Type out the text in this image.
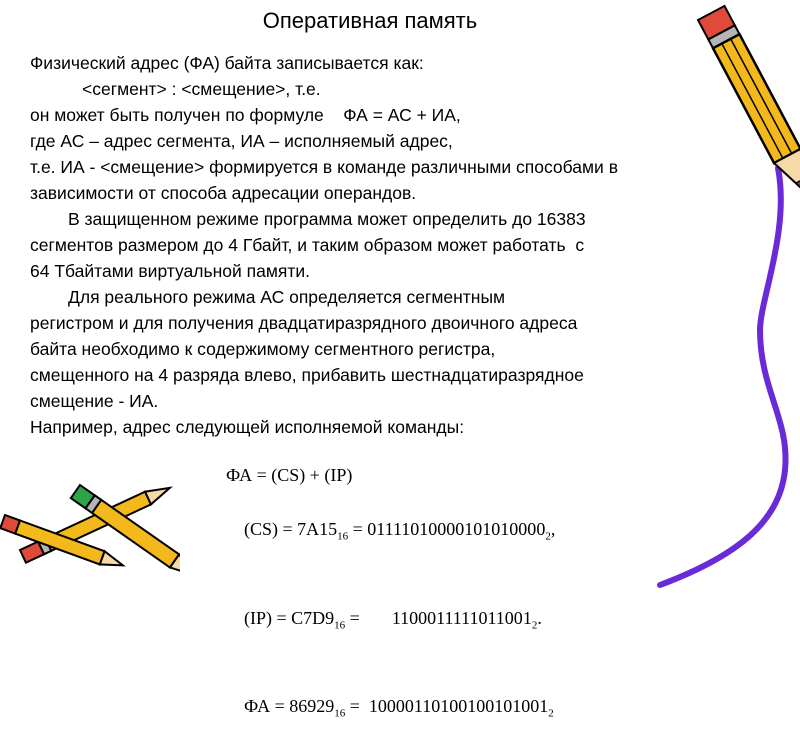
Оперативная память

Физический адрес (ФА) байта записывается как:

<сегмент> : <смещение>, т.е.

он может быть получен по формуле    ФА = АС + ИА,

где АС – адрес сегмента, ИА – исполняемый адрес,

т.е. ИА - <смещение> формируется в команде различными способами в

зависимости от способа адресации операндов.

В защищенном режиме программа может определить до 16383

сегментов размером до 4 Гбайт, и таким образом может работать  с

64 Тбайтами виртуальной памяти.

Для реального режима АС определяется сегментным

регистром и для получения двадцатиразрядного двоичного адреса

байта необходимо к содержимому сегментного регистра,

смещенного на 4 разряда влево, прибавить шестнадцатиразрядное

смещение - ИА.

Например, адрес следующей исполняемой команды:

ФА = (CS) + (IP)

$(CS) = 7A15_{16} = 01111010000101010000_2$,

$(IP) = C7D9_{16} = 1100011111011001_2$.

ФА = $86929_{16} = 10000110100100101001_2$
